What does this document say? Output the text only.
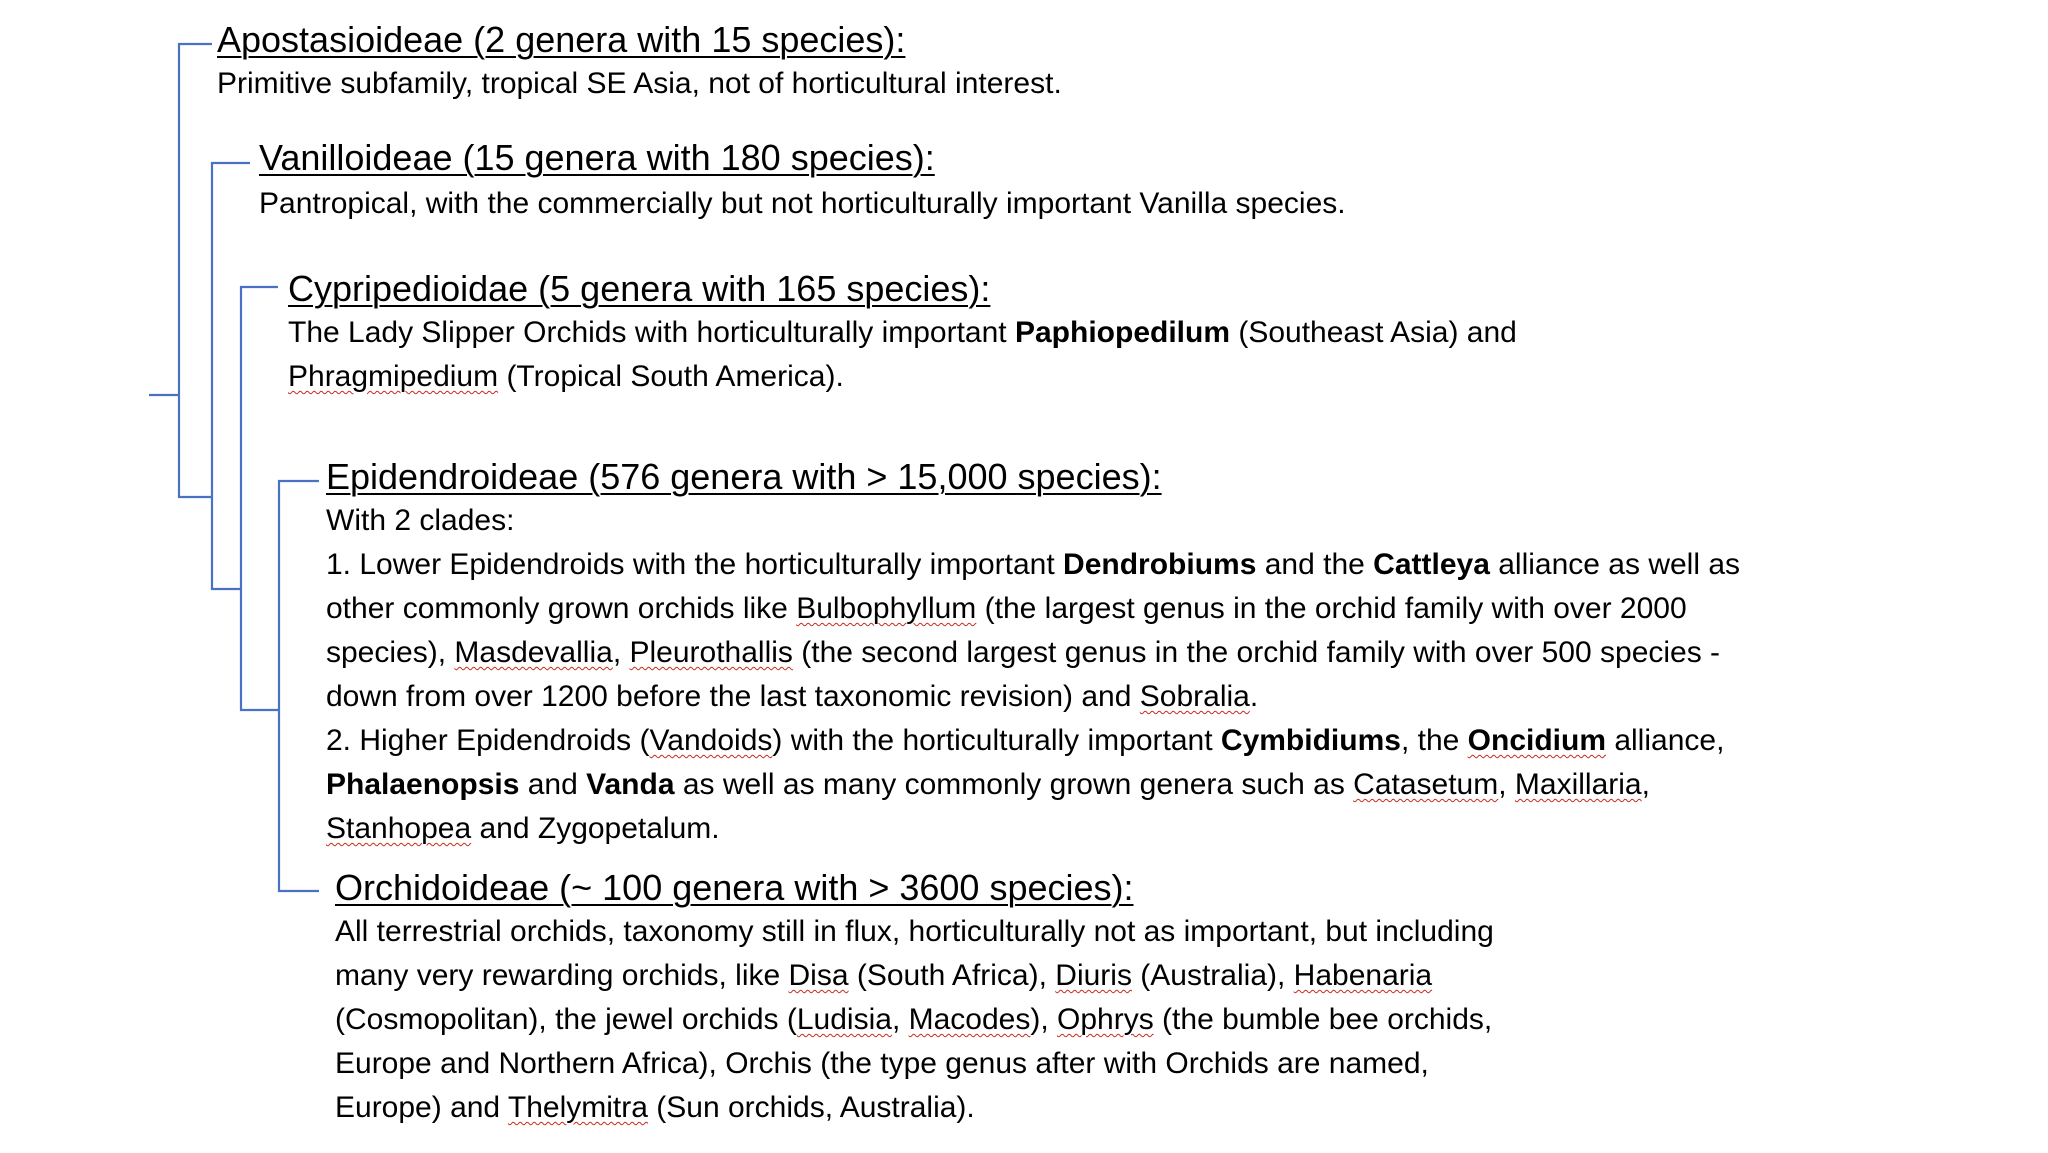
Apostasioideae (2 genera with 15 species):
Primitive subfamily, tropical SE Asia, not of horticultural interest.
Vanilloideae (15 genera with 180 species):
Pantropical, with the commercially but not horticulturally important Vanilla species.
Cypripedioidae (5 genera with 165 species):
The Lady Slipper Orchids with horticulturally important Paphiopedilum (Southeast Asia) and
Phragmipedium (Tropical South America).
Epidendroideae (576 genera with > 15,000 species):
With 2 clades:
1. Lower Epidendroids with the horticulturally important Dendrobiums and the Cattleya alliance as well as
other commonly grown orchids like Bulbophyllum (the largest genus in the orchid family with over 2000
species), Masdevallia, Pleurothallis (the second largest genus in the orchid family with over 500 species -
down from over 1200 before the last taxonomic revision) and Sobralia.
2. Higher Epidendroids (Vandoids) with the horticulturally important Cymbidiums, the Oncidium alliance,
Phalaenopsis and Vanda as well as many commonly grown genera such as Catasetum, Maxillaria,
Stanhopea and Zygopetalum.
Orchidoideae (~ 100 genera with > 3600 species):
All terrestrial orchids, taxonomy still in flux, horticulturally not as important, but including
many very rewarding orchids, like Disa (South Africa), Diuris (Australia), Habenaria
(Cosmopolitan), the jewel orchids (Ludisia, Macodes), Ophrys (the bumble bee orchids,
Europe and Northern Africa), Orchis (the type genus after with Orchids are named,
Europe) and Thelymitra (Sun orchids, Australia).
